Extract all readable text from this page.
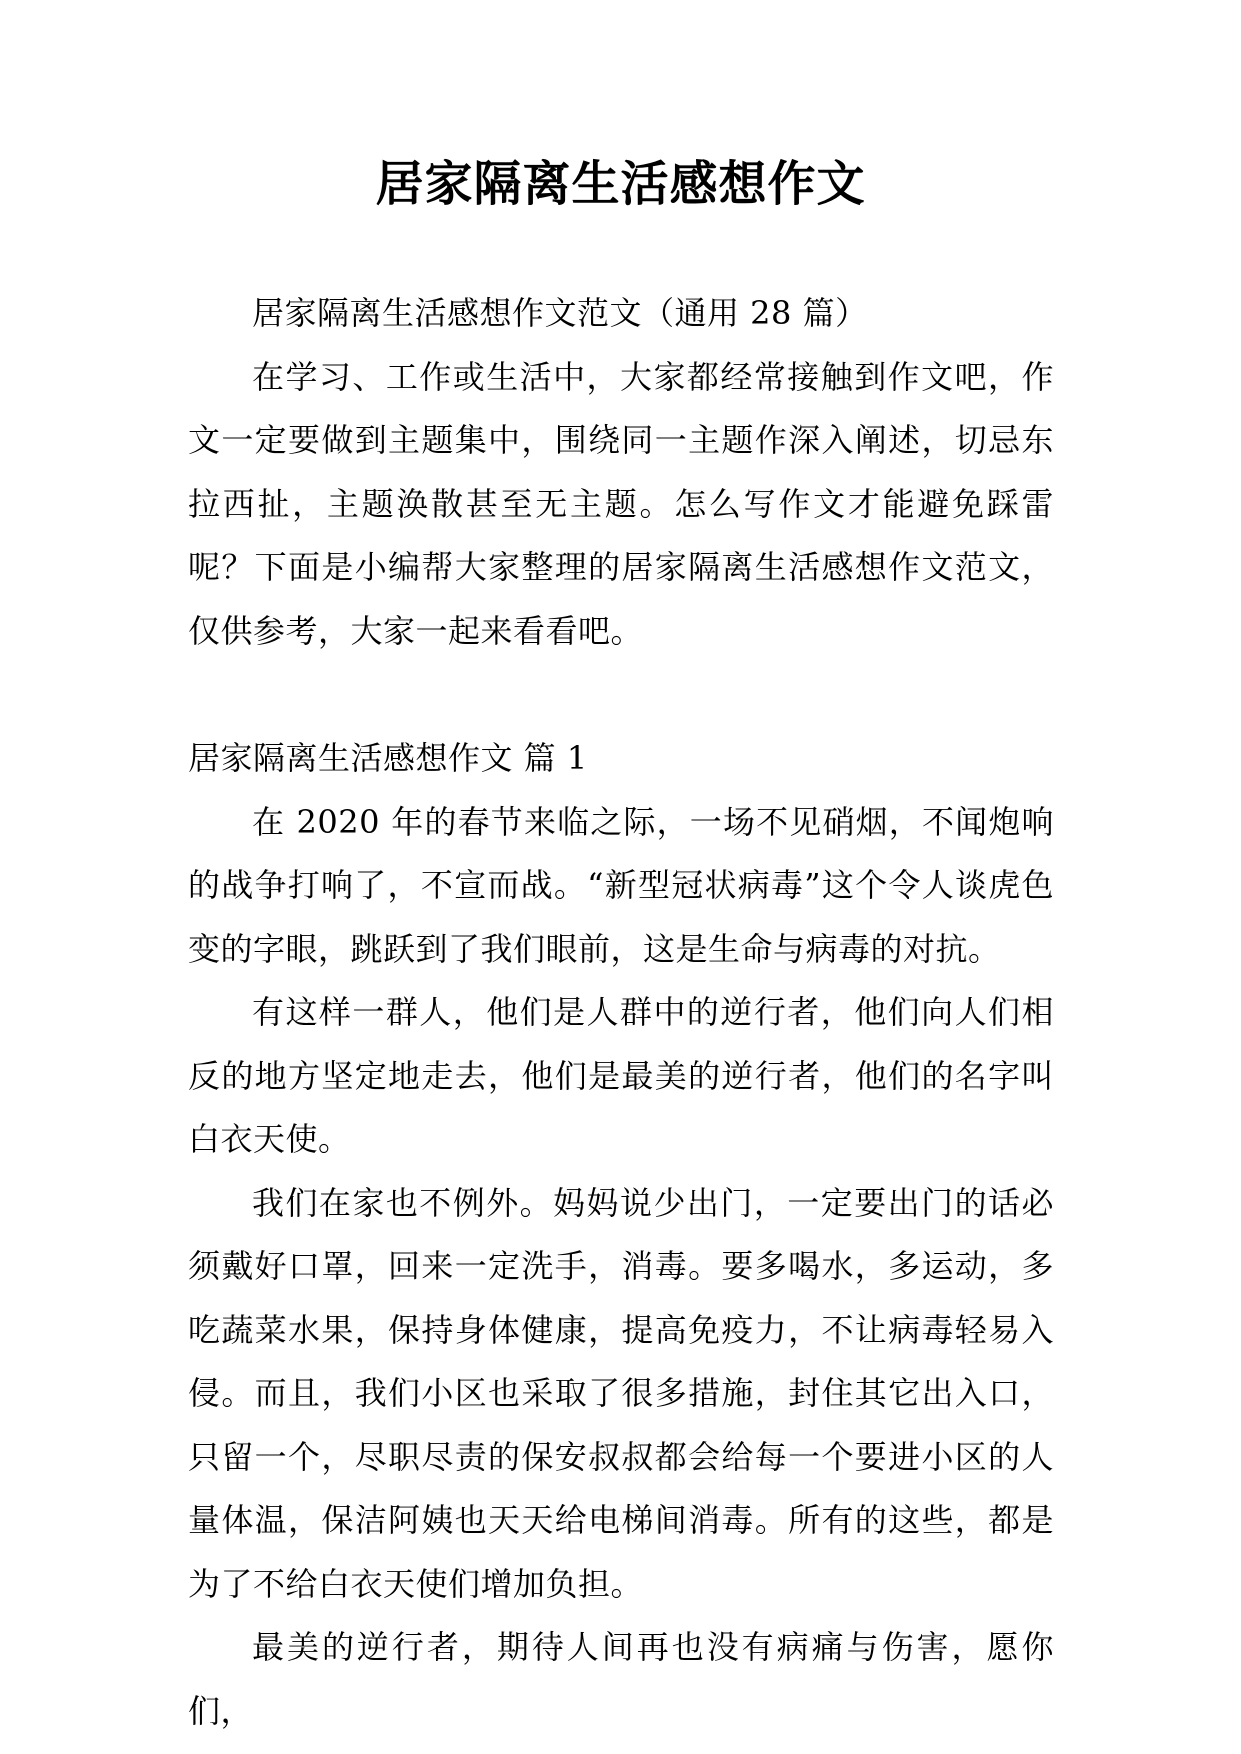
居家隔离生活感想作文

居家隔离生活感想作文范文（通用 28 篇）

在学习、工作或生活中，大家都经常接触到作文吧，作文一定要做到主题集中，围绕同一主题作深入阐述，切忌东拉西扯，主题涣散甚至无主题。怎么写作文才能避免踩雷呢？下面是小编帮大家整理的居家隔离生活感想作文范文，仅供参考，大家一起来看看吧。

居家隔离生活感想作文 篇 1

在 2020 年的春节来临之际，一场不见硝烟，不闻炮响的战争打响了，不宣而战。“新型冠状病毒”这个令人谈虎色变的字眼，跳跃到了我们眼前，这是生命与病毒的对抗。

有这样一群人，他们是人群中的逆行者，他们向人们相反的地方坚定地走去，他们是最美的逆行者，他们的名字叫白衣天使。

我们在家也不例外。妈妈说少出门，一定要出门的话必须戴好口罩，回来一定洗手，消毒。要多喝水，多运动，多吃蔬菜水果，保持身体健康，提高免疫力，不让病毒轻易入侵。而且，我们小区也采取了很多措施，封住其它出入口，只留一个，尽职尽责的保安叔叔都会给每一个要进小区的人量体温，保洁阿姨也天天给电梯间消毒。所有的这些，都是为了不给白衣天使们增加负担。

最美的逆行者，期待人间再也没有病痛与伤害，愿你们，
